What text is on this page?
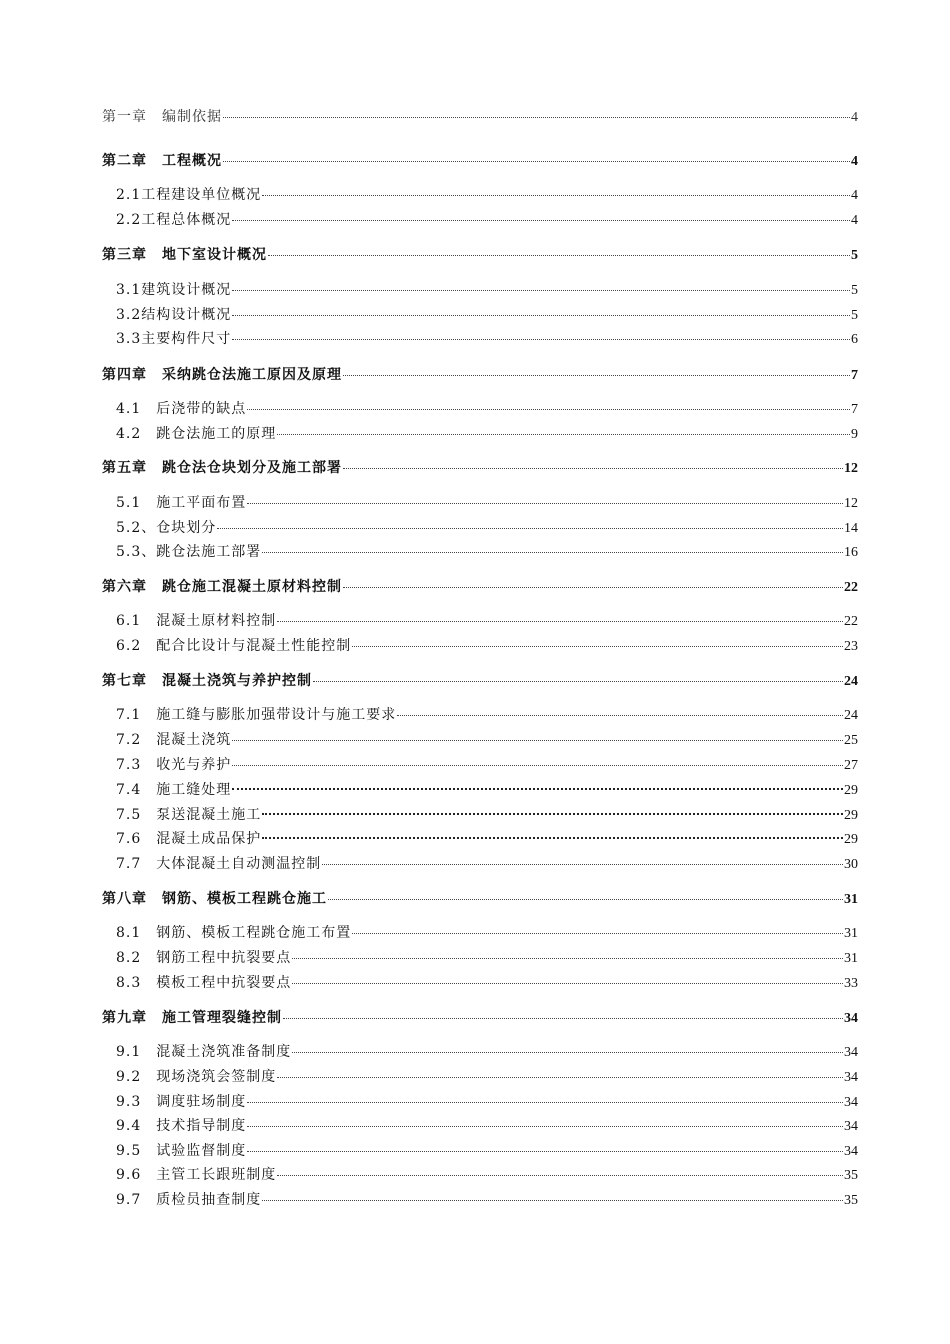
第一章　编制依据	4
第二章　工程概况	4
2.1工程建设单位概况	4
2.2工程总体概况	4
第三章　地下室设计概况	5
3.1建筑设计概况	5
3.2结构设计概况	5
3.3主要构件尺寸	6
第四章　采纳跳仓法施工原因及原理	7
4.1　后浇带的缺点	7
4.2　跳仓法施工的原理	9
第五章　跳仓法仓块划分及施工部署	12
5.1　施工平面布置	12
5.2、仓块划分	14
5.3、跳仓法施工部署	16
第六章　跳仓施工混凝土原材料控制	22
6.1　混凝土原材料控制	22
6.2　配合比设计与混凝土性能控制	23
第七章　混凝土浇筑与养护控制	24
7.1　施工缝与膨胀加强带设计与施工要求	24
7.2　混凝土浇筑	25
7.3　收光与养护	27
7.4　施工缝处理	29
7.5　泵送混凝土施工	29
7.6　混凝土成品保护	29
7.7　大体混凝土自动测温控制	30
第八章　钢筋、模板工程跳仓施工	31
8.1　钢筋、模板工程跳仓施工布置	31
8.2　钢筋工程中抗裂要点	31
8.3　模板工程中抗裂要点	33
第九章　施工管理裂缝控制	34
9.1　混凝土浇筑准备制度	34
9.2　现场浇筑会签制度	34
9.3　调度驻场制度	34
9.4　技术指导制度	34
9.5　试验监督制度	34
9.6　主管工长跟班制度	35
9.7　质检员抽查制度	35
